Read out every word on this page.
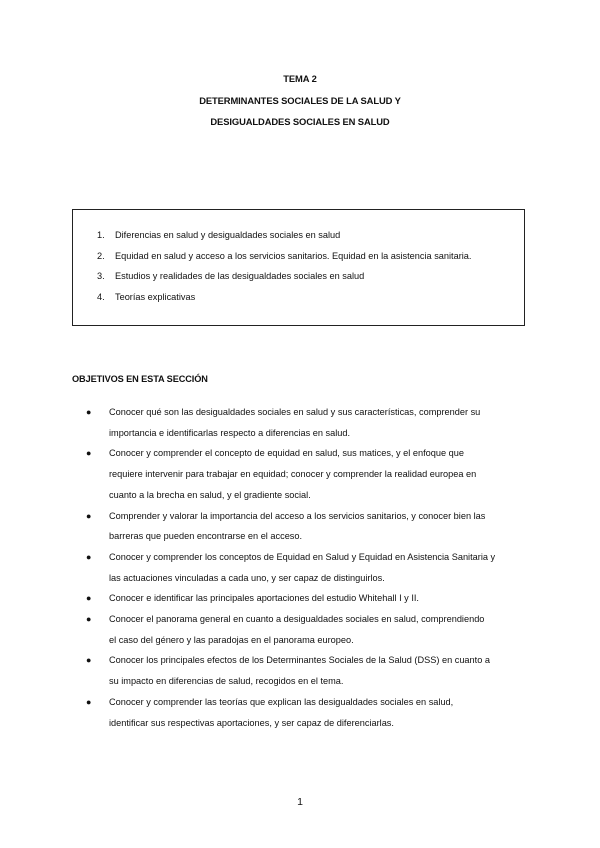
TEMA 2
DETERMINANTES SOCIALES DE LA SALUD Y
DESIGUALDADES SOCIALES EN SALUD
1. Diferencias en salud y desigualdades sociales en salud
2. Equidad en salud y acceso a los servicios sanitarios. Equidad en la asistencia sanitaria.
3. Estudios y realidades de las desigualdades sociales en salud
4. Teorías explicativas
OBJETIVOS EN ESTA SECCIÓN
● Conocer qué son las desigualdades sociales en salud y sus características, comprender su
importancia e identificarlas respecto a diferencias en salud.
● Conocer y comprender el concepto de equidad en salud, sus matices, y el enfoque que
requiere intervenir para trabajar en equidad; conocer y comprender la realidad europea en
cuanto a la brecha en salud, y el gradiente social.
● Comprender y valorar la importancia del acceso a los servicios sanitarios, y conocer bien las
barreras que pueden encontrarse en el acceso.
● Conocer y comprender los conceptos de Equidad en Salud y Equidad en Asistencia Sanitaria y
las actuaciones vinculadas a cada uno, y ser capaz de distinguirlos.
● Conocer e identificar las principales aportaciones del estudio Whitehall I y II.
● Conocer el panorama general en cuanto a desigualdades sociales en salud, comprendiendo
el caso del género y las paradojas en el panorama europeo.
● Conocer los principales efectos de los Determinantes Sociales de la Salud (DSS) en cuanto a
su impacto en diferencias de salud, recogidos en el tema.
● Conocer y comprender las teorías que explican las desigualdades sociales en salud,
identificar sus respectivas aportaciones, y ser capaz de diferenciarlas.
1
